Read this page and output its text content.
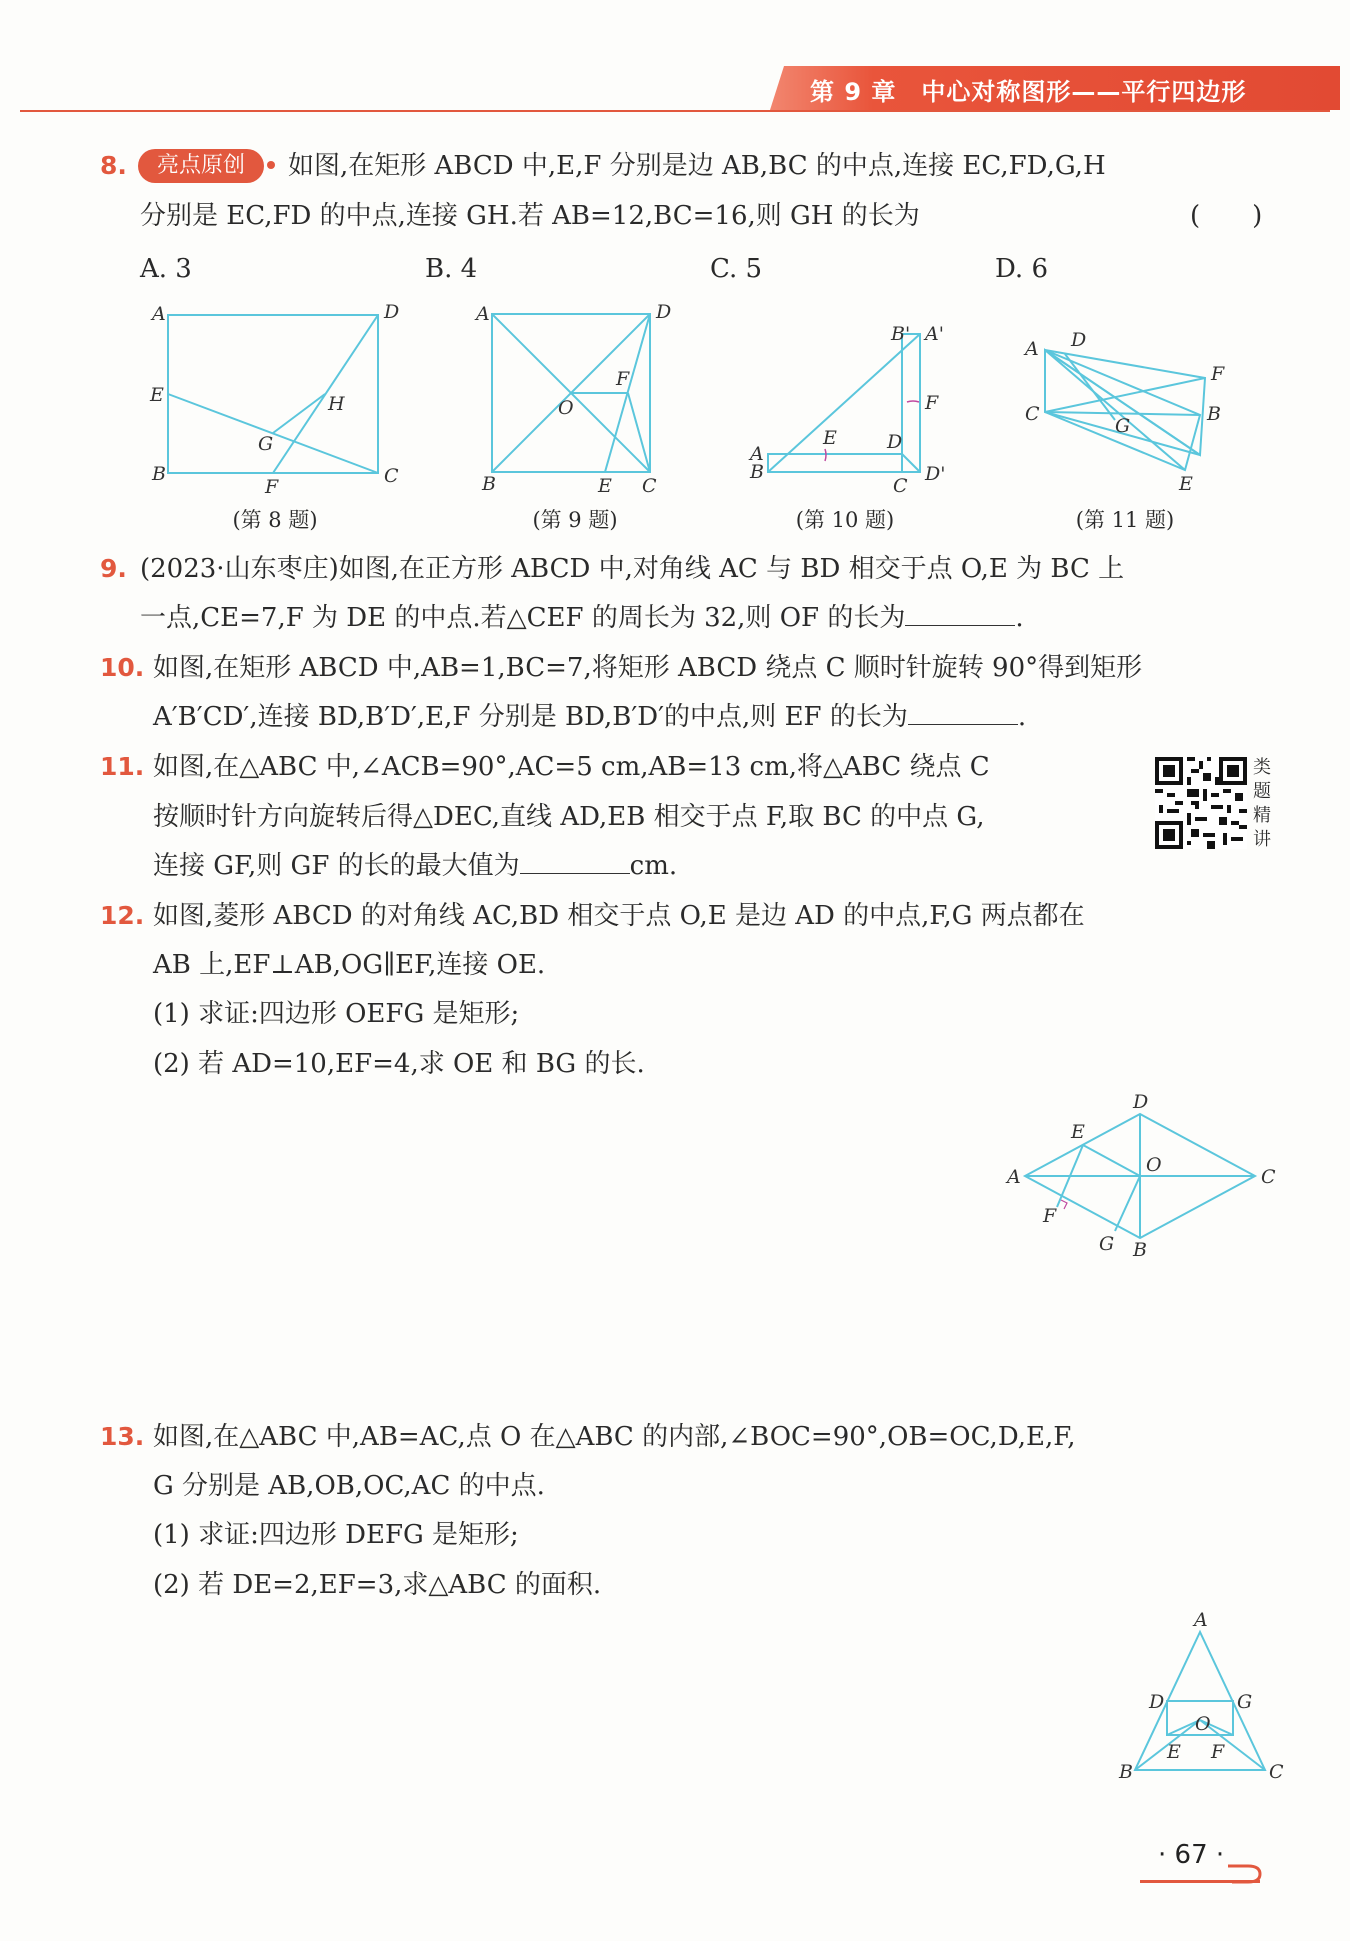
第 9 章　中心对称图形——平行四边形
8.	亮点原创	如图,在矩形 ABCD 中,E,F 分别是边 AB,BC 的中点,连接 EC,FD,G,H
分别是 EC,FD 的中点,连接 GH.若 AB=12,BC=16,则 GH 的长为	(　　)
A. 3	B. 4	C. 5	D. 6
A	D
E	H
G
B
F	C
(第 8 题)
A	D
F
O
B	E C
(第 9 题)
B' A'
F
E	D
A
B
C
D'
(第 10 题)
A D
F
C	B
G
E
(第 11 题)
9. (2023·山东枣庄)如图,在正方形 ABCD 中,对角线 AC 与 BD 相交于点 O,E 为 BC 上
一点,CE=7,F 为 DE 的中点.若△CEF 的周长为 32,则 OF 的长为	.
10. 如图,在矩形 ABCD 中,AB=1,BC=7,将矩形 ABCD 绕点 C 顺时针旋转 90°得到矩形
A′B′CD′,连接 BD,B′D′,E,F 分别是 BD,B′D′的中点,则 EF 的长为	.
11. 如图,在△ABC 中,∠ACB=90°,AC=5 cm,AB=13 cm,将△ABC 绕点 C
按顺时针方向旋转后得△DEC,直线 AD,EB 相交于点 F,取 BC 的中点 G,
连接 GF,则 GF 的长的最大值为	cm.
类题精讲
12. 如图,菱形 ABCD 的对角线 AC,BD 相交于点 O,E 是边 AD 的中点,F,G 两点都在
AB 上,EF⊥AB,OG∥EF,连接 OE.
(1) 求证:四边形 OEFG 是矩形;
(2) 若 AD=10,EF=4,求 OE 和 BG 的长.
D
E
O
A	C
F
G B
13. 如图,在△ABC 中,AB=AC,点 O 在△ABC 的内部,∠BOC=90°,OB=OC,D,E,F,
G 分别是 AB,OB,OC,AC 的中点.
(1) 求证:四边形 DEFG 是矩形;
(2) 若 DE=2,EF=3,求△ABC 的面积.
A
D	G
O
E F
B	C
· 67 ·
